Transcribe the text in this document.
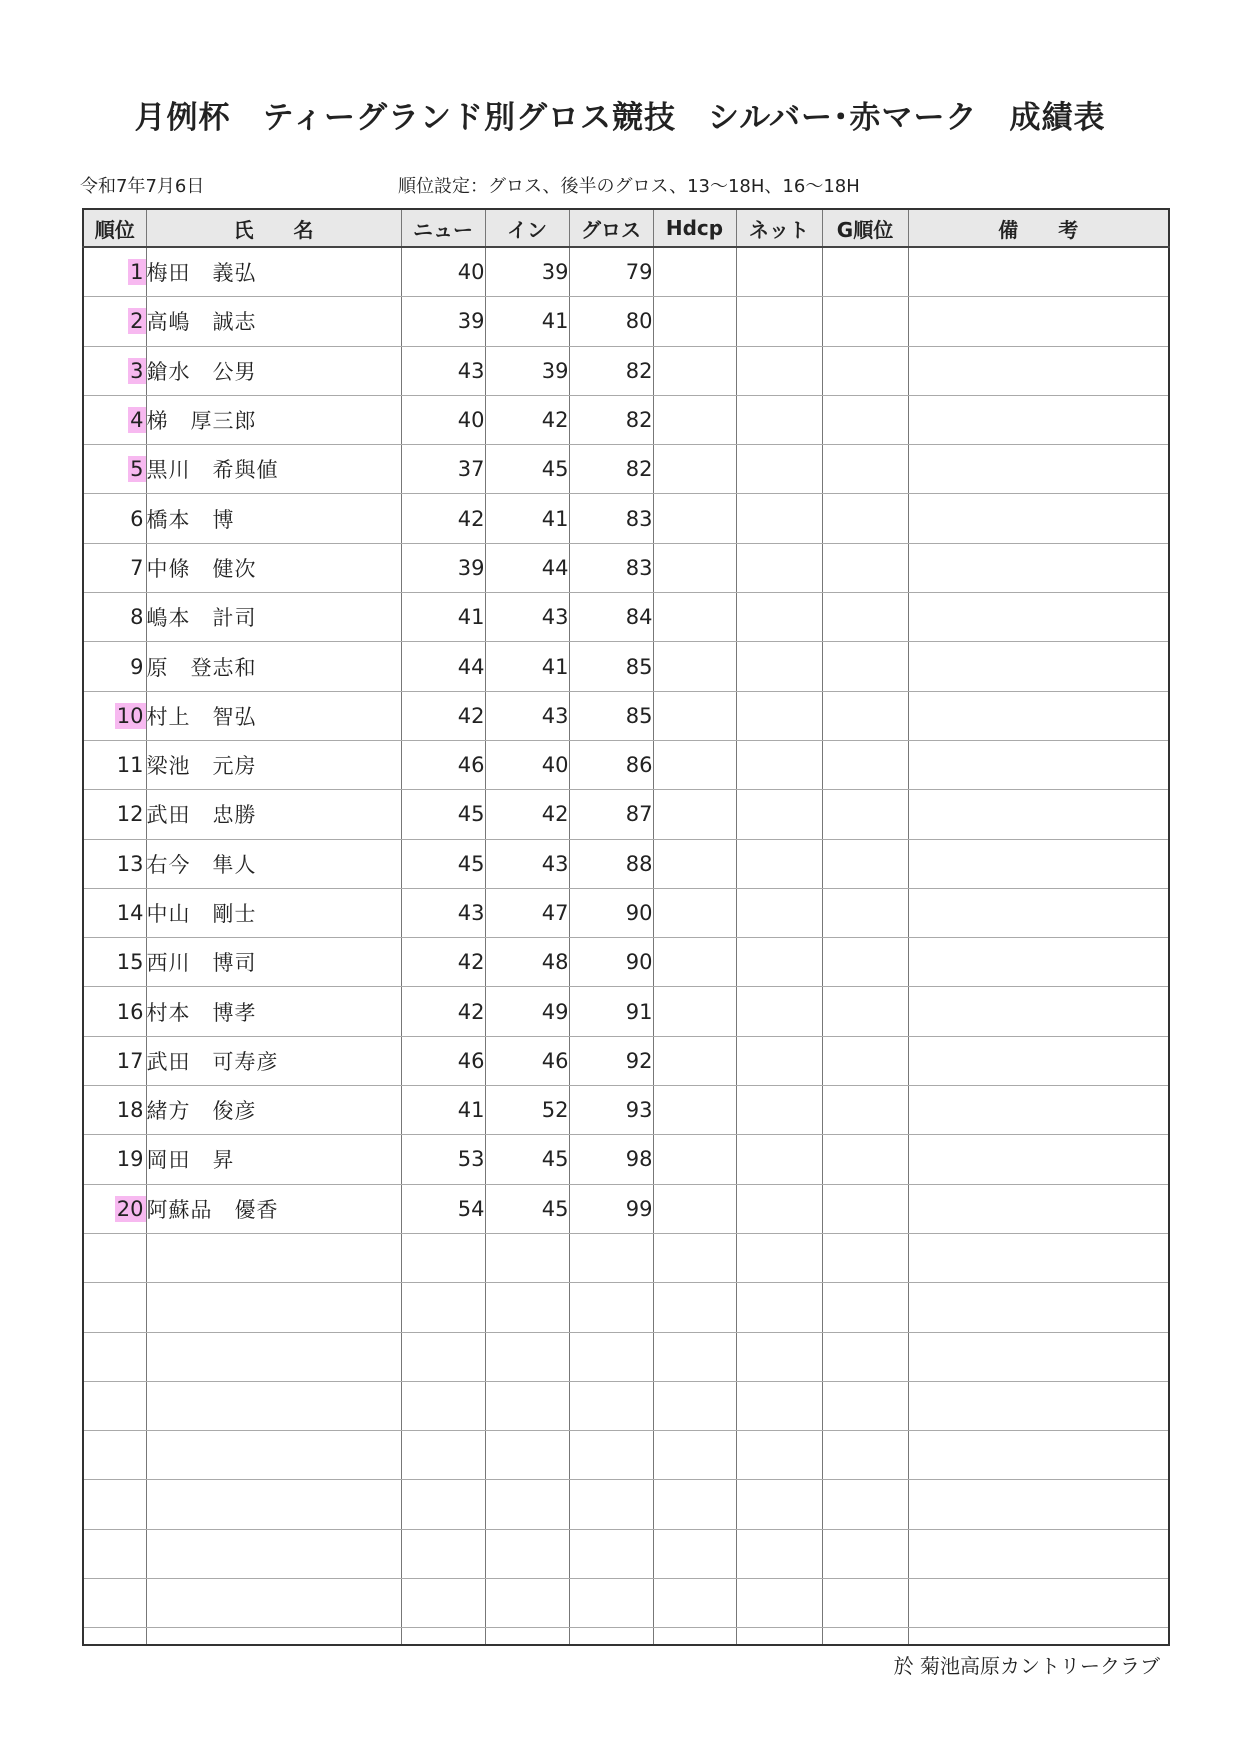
月例杯　ティーグランド別グロス競技　シルバー･赤マーク　成績表
令和7年7月6日	順位設定：グロス、後半のグロス、13～18H、16～18H
順位	氏　　名	ニュー	イン	グロス	Hdcp	ネット	G順位	備　　考
1	梅田　義弘	40	39	79				
2	高嶋　誠志	39	41	80				
3	鎗水　公男	43	39	82				
4	梯　厚三郎	40	42	82				
5	黒川　希與値	37	45	82				
6	橋本　博	42	41	83				
7	中條　健次	39	44	83				
8	嶋本　計司	41	43	84				
9	原　登志和	44	41	85				
10	村上　智弘	42	43	85				
11	梁池　元房	46	40	86				
12	武田　忠勝	45	42	87				
13	右今　隼人	45	43	88				
14	中山　剛士	43	47	90				
15	西川　博司	42	48	90				
16	村本　博孝	42	49	91				
17	武田　可寿彦	46	46	92				
18	緒方　俊彦	41	52	93				
19	岡田　昇	53	45	98				
20	阿蘇品　優香	54	45	99				

於 菊池高原カントリークラブ
